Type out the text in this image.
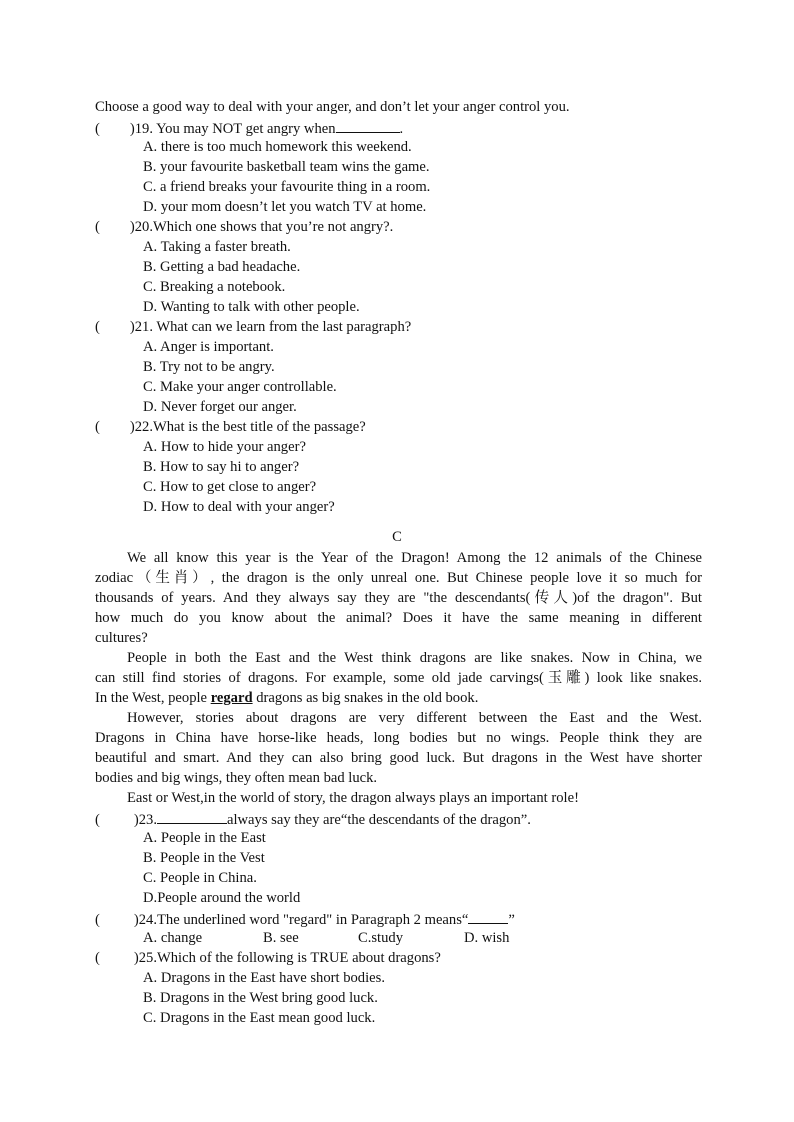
Choose a good way to deal with your anger, and don’t let your anger control you.
( )19. You may NOT get angry when	.
A. there is too much homework this weekend.
B. your favourite basketball team wins the game.
C. a friend breaks your favourite thing in a room.
D. your mom doesn’t let you watch TV at home.
( )20.Which one shows that you’re not angry?.
A. Taking a faster breath.
B. Getting a bad headache.
C. Breaking a notebook.
D. Wanting to talk with other people.
( )21. What can we learn from the last paragraph?
A. Anger is important.
B. Try not to be angry.
C. Make your anger controllable.
D. Never forget our anger.
( )22.What is the best title of the passage?
A. How to hide your anger?
B. How to say hi to anger?
C. How to get close to anger?
D. How to deal with your anger?
C
We all know this year is the Year of the Dragon! Among the 12 animals of the Chinese
zodiac（生肖）, the dragon is the only unreal one. But Chinese people love it so much for
thousands of years. And they always say they are "the descendants(传人)of the dragon". But
how much do you know about the animal? Does it have the same meaning in different
cultures?
People in both the East and the West think dragons are like snakes. Now in China, we
can still find stories of dragons. For example, some old jade carvings(玉雕) look like snakes.
In the West, people regard dragons as big snakes in the old book.
However, stories about dragons are very different between the East and the West.
Dragons in China have horse-like heads, long bodies but no wings. People think they are
beautiful and smart. And they can also bring good luck. But dragons in the West have shorter
bodies and big wings, they often mean bad luck.
East or West,in the world of story, the dragon always plays an important role!
( )23.	always say they are“the descendants of the dragon”.
A. People in the East
B. People in the Vest
C. People in China.
D.People around the world
( )24.The underlined word "regard" in Paragraph 2 means“	”
A. change	B. see	C.study	D. wish
( )25.Which of the following is TRUE about dragons?
A. Dragons in the East have short bodies.
B. Dragons in the West bring good luck.
C. Dragons in the East mean good luck.
